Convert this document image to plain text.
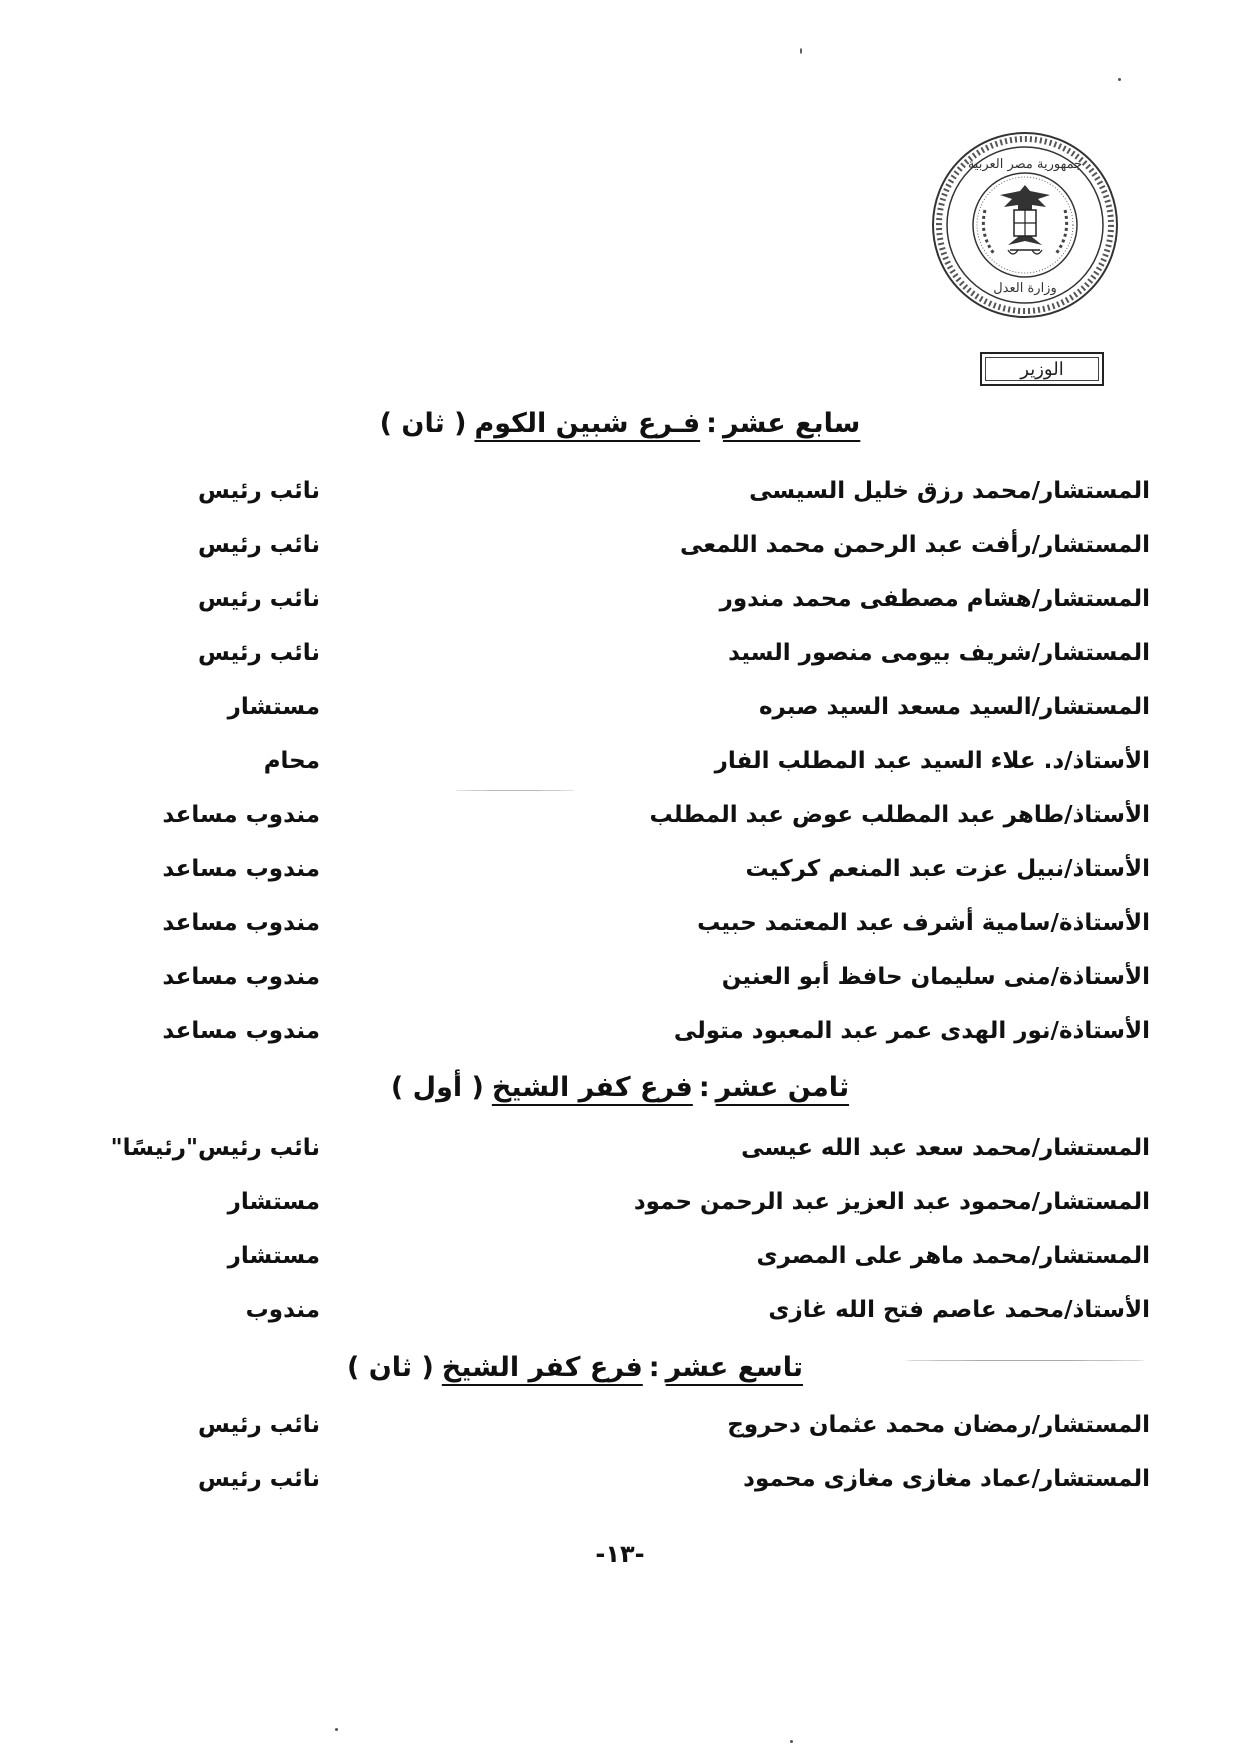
جمهورية مصر العربية
وزارة العدل
الوزير
سابع عشر:فـرع شبين الكوم( ثان )
المستشار/محمد رزق خليل السيسى
نائب رئيس
المستشار/رأفت عبد الرحمن محمد اللمعى
نائب رئيس
المستشار/هشام مصطفى محمد مندور
نائب رئيس
المستشار/شريف بيومى منصور السيد
نائب رئيس
المستشار/السيد مسعد السيد صبره
مستشار
الأستاذ/د. علاء السيد عبد المطلب الفار
محام
الأستاذ/طاهر عبد المطلب عوض عبد المطلب
مندوب مساعد
الأستاذ/نبيل عزت عبد المنعم كركيت
مندوب مساعد
الأستاذة/سامية أشرف عبد المعتمد حبيب
مندوب مساعد
الأستاذة/منى سليمان حافظ أبو العنين
مندوب مساعد
الأستاذة/نور الهدى عمر عبد المعبود متولى
مندوب مساعد
ثامن عشر:فرع كفر الشيخ( أول )
المستشار/محمد سعد عبد الله عيسى
نائب رئيس"رئيسًا"
المستشار/محمود عبد العزيز عبد الرحمن حمود
مستشار
المستشار/محمد ماهر على المصرى
مستشار
الأستاذ/محمد عاصم فتح الله غازى
مندوب
تاسع عشر:فرع كفر الشيخ( ثان )
المستشار/رمضان محمد عثمان دحروج
نائب رئيس
المستشار/عماد مغازى مغازى محمود
نائب رئيس
-١٣-
